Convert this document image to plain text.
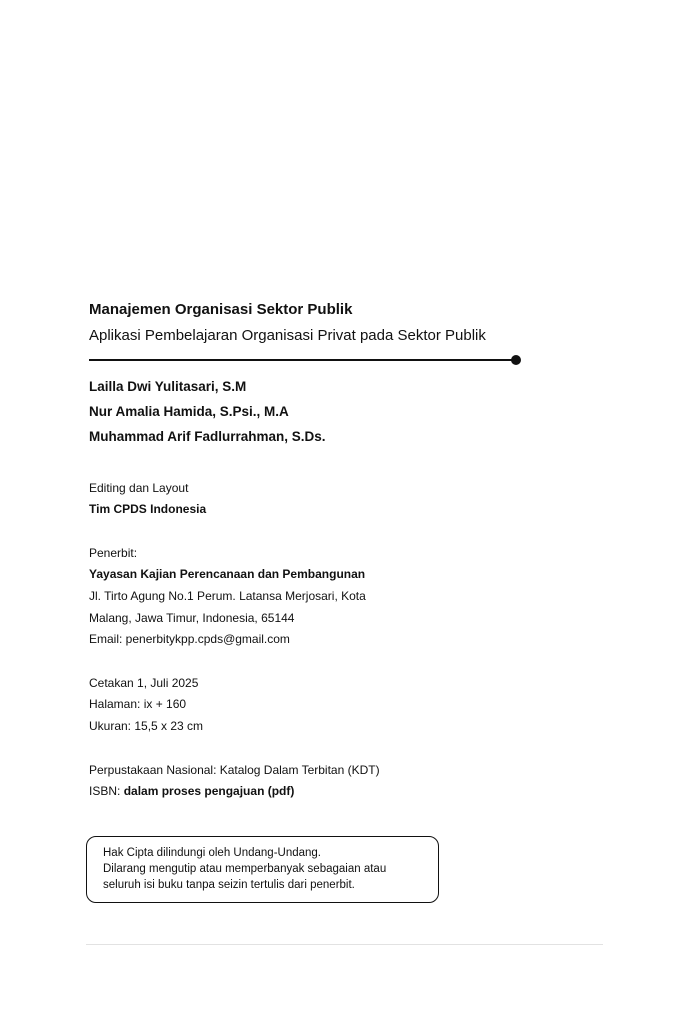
Manajemen Organisasi Sektor Publik
Aplikasi Pembelajaran Organisasi Privat pada Sektor Publik
Lailla Dwi Yulitasari, S.M
Nur Amalia Hamida, S.Psi., M.A
Muhammad Arif Fadlurrahman, S.Ds.
Editing dan Layout
Tim CPDS Indonesia
Penerbit:
Yayasan Kajian Perencanaan dan Pembangunan
Jl. Tirto Agung No.1 Perum. Latansa Merjosari, Kota
Malang, Jawa Timur, Indonesia, 65144
Email: penerbitykpp.cpds@gmail.com
Cetakan 1, Juli 2025
Halaman: ix + 160
Ukuran: 15,5 x 23 cm
Perpustakaan Nasional: Katalog Dalam Terbitan (KDT)
ISBN: dalam proses pengajuan (pdf)
Hak Cipta dilindungi oleh Undang-Undang.
Dilarang mengutip atau memperbanyak sebagaian atau
seluruh isi buku tanpa seizin tertulis dari penerbit.
